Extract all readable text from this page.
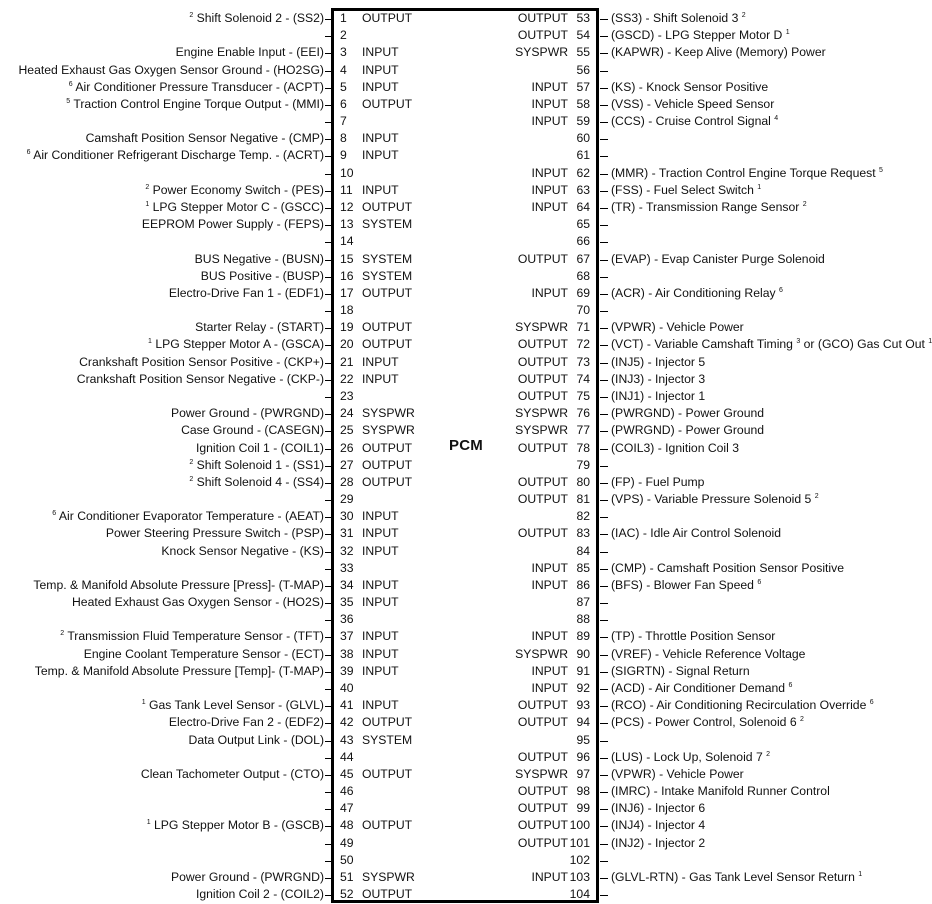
PCM
$^2$ Shift Solenoid 2 - (SS2) 1	OUTPUT
2
Engine Enable Input - (EEI) 3	INPUT
Heated Exhaust Gas Oxygen Sensor Ground - (HO2SG) 4	INPUT
$^6$ Air Conditioner Pressure Transducer - (ACPT) 5	INPUT
$^5$ Traction Control Engine Torque Output - (MMI) 6	OUTPUT
7
Camshaft Position Sensor Negative - (CMP) 8	INPUT
$^6$ Air Conditioner Refrigerant Discharge Temp. - (ACRT) 9	INPUT
10
$^2$ Power Economy Switch - (PES) 11 INPUT
$^1$ LPG Stepper Motor C - (GSCC) 12 OUTPUT
EEPROM Power Supply - (FEPS) 13 SYSTEM
14
BUS Negative - (BUSN) 15 SYSTEM
BUS Positive - (BUSP) 16 SYSTEM
Electro-Drive Fan 1 - (EDF1) 17 OUTPUT
18
Starter Relay - (START) 19 OUTPUT
$^1$ LPG Stepper Motor A - (GSCA) 20 OUTPUT
Crankshaft Position Sensor Positive - (CKP+) 21 INPUT
Crankshaft Position Sensor Negative - (CKP-) 22 INPUT
23
Power Ground - (PWRGND) 24 SYSPWR
Case Ground - (CASEGN) 25 SYSPWR
Ignition Coil 1 - (COIL1) 26 OUTPUT
$^2$ Shift Solenoid 1 - (SS1) 27 OUTPUT
$^2$ Shift Solenoid 4 - (SS4) 28 OUTPUT
29
$^6$ Air Conditioner Evaporator Temperature - (AEAT) 30 INPUT
Power Steering Pressure Switch - (PSP) 31 INPUT
Knock Sensor Negative - (KS) 32 INPUT
33
Temp. & Manifold Absolute Pressure [Press]- (T-MAP) 34 INPUT
Heated Exhaust Gas Oxygen Sensor - (HO2S) 35 INPUT
36
$^2$ Transmission Fluid Temperature Sensor - (TFT) 37 INPUT
Engine Coolant Temperature Sensor - (ECT) 38 INPUT
Temp. & Manifold Absolute Pressure [Temp]- (T-MAP) 39 INPUT
40
$^1$ Gas Tank Level Sensor - (GLVL) 41 INPUT
Electro-Drive Fan 2 - (EDF2) 42 OUTPUT
Data Output Link - (DOL) 43 SYSTEM
44
Clean Tachometer Output - (CTO) 45 OUTPUT
46
47
$^1$ LPG Stepper Motor B - (GSCB) 48 OUTPUT
49
50
Power Ground - (PWRGND) 51 SYSPWR
Ignition Coil 2 - (COIL2) 52 OUTPUT
OUTPUT 53 (SS3) - Shift Solenoid 3 $^2$
OUTPUT 54 (GSCD) - LPG Stepper Motor D $^1$
SYSPWR 55 (KAPWR) - Keep Alive (Memory) Power
56
INPUT 57 (KS) - Knock Sensor Positive
INPUT 58 (VSS) - Vehicle Speed Sensor
INPUT 59 (CCS) - Cruise Control Signal $^4$
60
61
INPUT 62 (MMR) - Traction Control Engine Torque Request $^5$
INPUT 63 (FSS) - Fuel Select Switch $^1$
INPUT 64 (TR) - Transmission Range Sensor $^2$
65
66
OUTPUT 67 (EVAP) - Evap Canister Purge Solenoid
68
INPUT 69 (ACR) - Air Conditioning Relay $^6$
70
SYSPWR 71 (VPWR) - Vehicle Power
OUTPUT 72 (VCT) - Variable Camshaft Timing $^3$ or (GCO) Gas Cut Out $^1$
OUTPUT 73 (INJ5) - Injector 5
OUTPUT 74 (INJ3) - Injector 3
OUTPUT 75 (INJ1) - Injector 1
SYSPWR 76 (PWRGND) - Power Ground
SYSPWR 77 (PWRGND) - Power Ground
OUTPUT 78 (COIL3) - Ignition Coil 3
79
OUTPUT 80 (FP) - Fuel Pump
OUTPUT 81 (VPS) - Variable Pressure Solenoid 5 $^2$
82
OUTPUT 83 (IAC) - Idle Air Control Solenoid
84
INPUT 85 (CMP) - Camshaft Position Sensor Positive
INPUT 86 (BFS) - Blower Fan Speed $^6$
87
88
INPUT 89 (TP) - Throttle Position Sensor
SYSPWR 90 (VREF) - Vehicle Reference Voltage
INPUT 91 (SIGRTN) - Signal Return
INPUT 92 (ACD) - Air Conditioner Demand $^6$
OUTPUT 93 (RCO) - Air Conditioning Recirculation Override $^6$
OUTPUT 94 (PCS) - Power Control, Solenoid 6 $^2$
95
OUTPUT 96 (LUS) - Lock Up, Solenoid 7 $^2$
SYSPWR 97 (VPWR) - Vehicle Power
OUTPUT 98 (IMRC) - Intake Manifold Runner Control
OUTPUT 99 (INJ6) - Injector 6
OUTPUT 100 (INJ4) - Injector 4
OUTPUT 101 (INJ2) - Injector 2
102
INPUT 103 (GLVL-RTN) - Gas Tank Level Sensor Return $^1$
104
